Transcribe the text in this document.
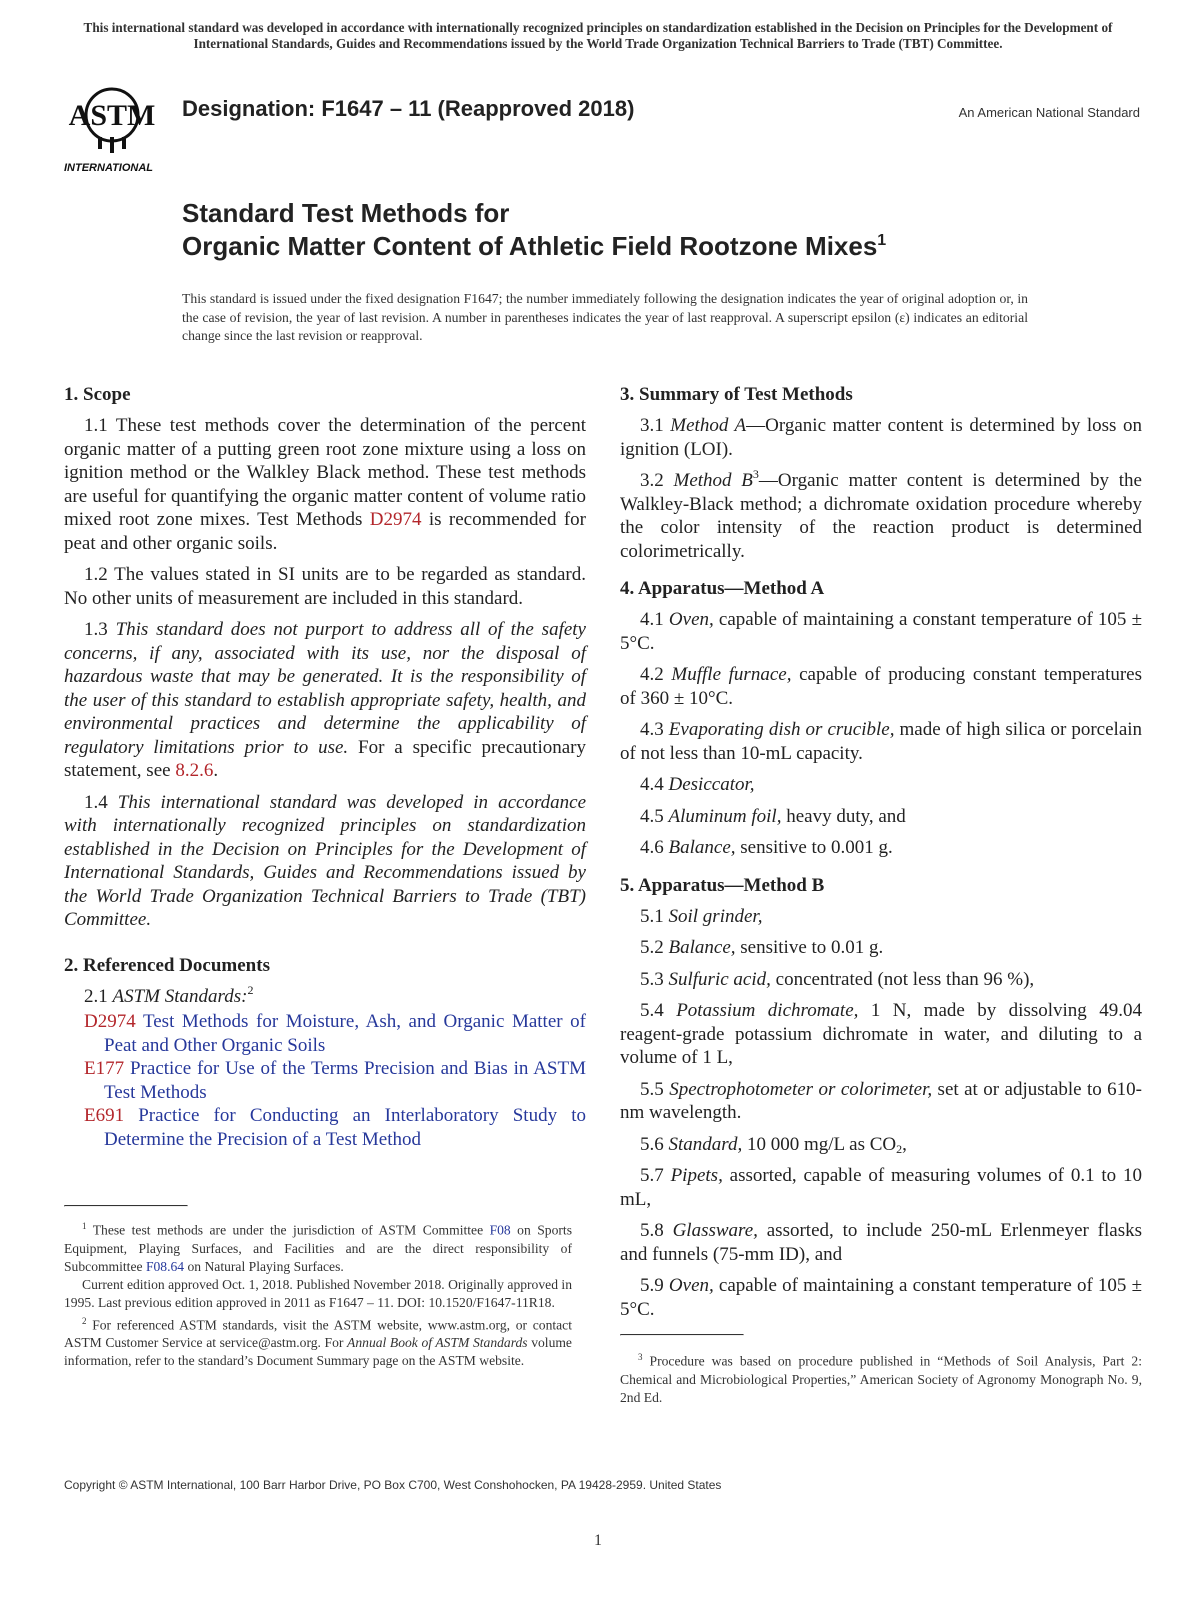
This international standard was developed in accordance with internationally recognized principles on standardization established in the Decision on Principles for the Development of International Standards, Guides and Recommendations issued by the World Trade Organization Technical Barriers to Trade (TBT) Committee.
ASTM
INTERNATIONAL
Designation: F1647 – 11 (Reapproved 2018)	An American National Standard
Standard Test Methods for
Organic Matter Content of Athletic Field Rootzone Mixes$^1$
This standard is issued under the fixed designation F1647; the number immediately following the designation indicates the year of original adoption or, in the case of revision, the year of last revision. A number in parentheses indicates the year of last reapproval. A superscript epsilon (ε) indicates an editorial change since the last revision or reapproval.
1. Scope

1.1 These test methods cover the determination of the percent organic matter of a putting green root zone mixture using a loss on ignition method or the Walkley Black method. These test methods are useful for quantifying the organic matter content of volume ratio mixed root zone mixes. Test Methods D2974 is recommended for peat and other organic soils.

1.2 The values stated in SI units are to be regarded as standard. No other units of measurement are included in this standard.

1.3 This standard does not purport to address all of the safety concerns, if any, associated with its use, nor the disposal of hazardous waste that may be generated. It is the responsibility of the user of this standard to establish appropriate safety, health, and environmental practices and determine the applicability of regulatory limitations prior to use. For a specific precautionary statement, see 8.2.6.

1.4 This international standard was developed in accordance with internationally recognized principles on standardization established in the Decision on Principles for the Development of International Standards, Guides and Recommendations issued by the World Trade Organization Technical Barriers to Trade (TBT) Committee.

2. Referenced Documents

2.1 ASTM Standards:$^2$

D2974 Test Methods for Moisture, Ash, and Organic Matter of Peat and Other Organic Soils
E177 Practice for Use of the Terms Precision and Bias in ASTM Test Methods
E691 Practice for Conducting an Interlaboratory Study to Determine the Precision of a Test Method

$^1$ These test methods are under the jurisdiction of ASTM Committee F08 on Sports Equipment, Playing Surfaces, and Facilities and are the direct responsibility of Subcommittee F08.64 on Natural Playing Surfaces.

Current edition approved Oct. 1, 2018. Published November 2018. Originally approved in 1995. Last previous edition approved in 2011 as F1647 – 11. DOI: 10.1520/F1647-11R18.

$^2$ For referenced ASTM standards, visit the ASTM website, www.astm.org, or contact ASTM Customer Service at service@astm.org. For Annual Book of ASTM Standards volume information, refer to the standard’s Document Summary page on the ASTM website.

3. Summary of Test Methods

3.1 Method A—Organic matter content is determined by loss on ignition (LOI).

3.2 Method $B^3—Organic$ matter content is determined by the Walkley-Black method; a dichromate oxidation procedure whereby the color intensity of the reaction product is determined colorimetrically.

4. Apparatus—Method A

4.1 Oven, capable of maintaining a constant temperature of 105 ± 5°C.

4.2 Muffle furnace, capable of producing constant temperatures of 360 ± 10°C.

4.3 Evaporating dish or crucible, made of high silica or porcelain of not less than 10-mL capacity.

4.4 Desiccator,

4.5 Aluminum foil, heavy duty, and

4.6 Balance, sensitive to 0.001 g.

5. Apparatus—Method B

5.1 Soil grinder,

5.2 Balance, sensitive to 0.01 g.

5.3 Sulfuric acid, concentrated (not less than 96 %),

5.4 Potassium dichromate, 1 N, made by dissolving 49.04 reagent-grade potassium dichromate in water, and diluting to a volume of 1 L,

5.5 Spectrophotometer or colorimeter, set at or adjustable to 610-nm wavelength.

5.6 Standard, 10 000 mg/L as $CO_2$,

5.7 Pipets, assorted, capable of measuring volumes of 0.1 to 10 mL,

5.8 Glassware, assorted, to include 250-mL Erlenmeyer flasks and funnels (75-mm ID), and

5.9 Oven, capable of maintaining a constant temperature of 105 ± 5°C.

$^3$ Procedure was based on procedure published in “Methods of Soil Analysis, Part 2: Chemical and Microbiological Properties,” American Society of Agronomy Monograph No. 9, 2nd Ed.

Copyright © ASTM International, 100 Barr Harbor Drive, PO Box C700, West Conshohocken, PA 19428-2959. United States
1
